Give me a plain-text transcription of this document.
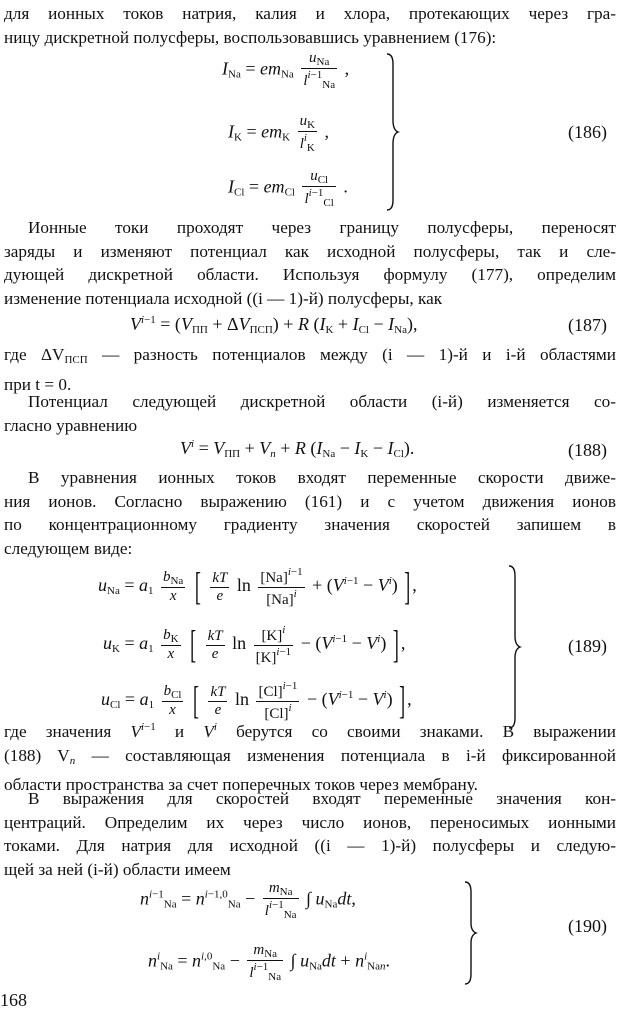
для ионных токов натрия, калия и хлора, протекающих через гра-
ницу дискретной полусферы, воспользовавшись уравнением (176):
$I_{Na} = em_{Na} \frac{u_{Na}}{l^{i-1}_{Na}}$ ,
$I_K = em_K \frac{u_K}{l^i_K}$ ,
$I_{Cl} = em_{Cl} \frac{u_{Cl}}{l^{i-1}_{Cl}}$ .
(186)
Ионные токи проходят через границу полусферы, переносят
заряды и изменяют потенциал как исходной полусферы, так и сле-
дующей дискретной области. Используя формулу (177), определим
изменение потенциала исходной ((i — 1)-й) полусферы, как
$V^{i-1} = (V_{ПП} + \Delta V_{ПСП}) + R$ $(I_K + I_{Cl} - I_{Na})$,	(187)
где $\Delta V_{ПСП}$ — разность потенциалов между (i — 1)-й и i-й областями
при t = 0.
Потенциал следующей дискретной области (i-й) изменяется со-
гласно уравнению
$V^i = V_{ПП} + V_n + R$ $(I_{Na} - I_K - I_{Cl})$.	(188)
В уравнения ионных токов входят переменные скорости движе-
ния ионов. Согласно выражению (161) и с учетом движения ионов
по концентрационному градиенту значения скоростей запишем в
следующем виде:
$u_{Na} = a_1 \frac{b_{Na}}{x}$ [ $\frac{kT}{e}$ $\ln \frac{[Na]^{i-1}}{[Na]^i} + (V^{i-1} - V^i)$ ] ,
$u_K = a_1 \frac{b_K}{x}$ [ $\frac{kT}{e}$ $\ln \frac{[K]^i}{[K]^{i-1}} - (V^{i-1} - V^i)$ ] ,
$u_{Cl} = a_1 \frac{b_{Cl}}{x}$ [ $\frac{kT}{e}$ $\ln \frac{[Cl]^{i-1}}{[Cl]^i} - (V^{i-1} - V^i)$ ] ,
(189)
где значения $V^{i-1}$ и $V^i$ берутся со своими знаками. В выражении
(188) $V_n$ — составляющая изменения потенциала в i-й фиксированной
области пространства за счет поперечных токов через мембрану.
В выражения для скоростей входят переменные значения кон-
центраций. Определим их через число ионов, переносимых ионными
токами. Для натрия для исходной ((i — 1)-й) полусферы и следую-
щей за ней (i-й) области имеем
$n^{i-1}_{Na} = n^{i-1,0}_{Na} - \frac{m_{Na}}{l^{i-1}_{Na}}$ ∫ $u_{Na}dt$,
$n^i_{Na} = n^{i,0}_{Na} - \frac{m_{Na}}{l^{i-1}_{Na}}$ ∫ $u_{Na}dt + n^i_{Nan}$.
(190)
168
